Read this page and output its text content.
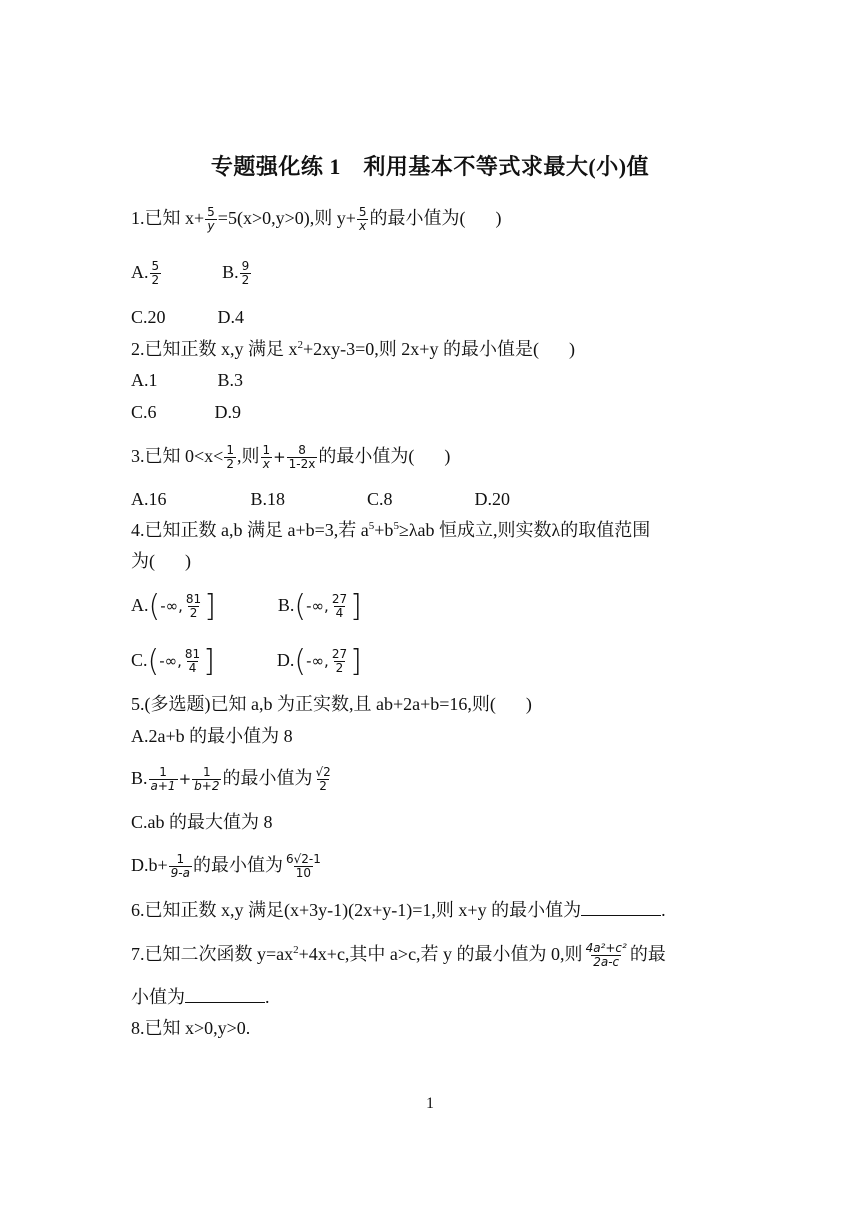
专题强化练 1　利用基本不等式求最大(小)值
1.已知 $x+ \frac{5}{y} =5(x>0,y>0)$,则 $y+ \frac{5}{x}$ 的最小值为( )
A. $\frac{5}{2}$	B. $\frac{9}{2}$
C.20	D.4
2.已知正数 x,y 满足 $x^2+2xy-3=0$,则 2x+y 的最小值是( )
A.1	B.3
C.6	D.9
3.已知 $0<x< \frac{1}{2}$ ,则 $\frac{1}{x} + \frac{8}{1-2x}$ 的最小值为( )
A.16	B.18	C.8	D.20
4.已知正数 a,b 满足 a+b=3,若 $a^5+b^5\ge\lambda ab$ 恒成立,则实数λ的取值范围
为( )
A.(-∞, $\frac{81}{2}$ ]	B.(-∞, $\frac{27}{4}$ ]
C.(-∞, $\frac{81}{4}$ ]	D.(-∞, $\frac{27}{2}$ ]
5.(多选题)已知 a,b 为正实数,且 ab+2a+b=16,则( )
A.2a+b 的最小值为 8
B. $\frac{1}{a+1} + \frac{1}{b+2}$ 的最小值为 $\frac{√2}{2}$
C.ab 的最大值为 8
$D.b+ \frac{1}{9-a}$ 的最小值为 $\frac{6√2-1}{10}$
6.已知正数 x,y 满足(x+3y-1)(2x+y-1)=1,则 x+y 的最小值为	.
7.已知二次函数 $y=ax^2+4x+c$,其中 a>c,若 y 的最小值为 0,则 $\frac{\text{4a²+c²}}{2a-c}$ 的最
小值为	.
8.已知 x>0,y>0.
1
